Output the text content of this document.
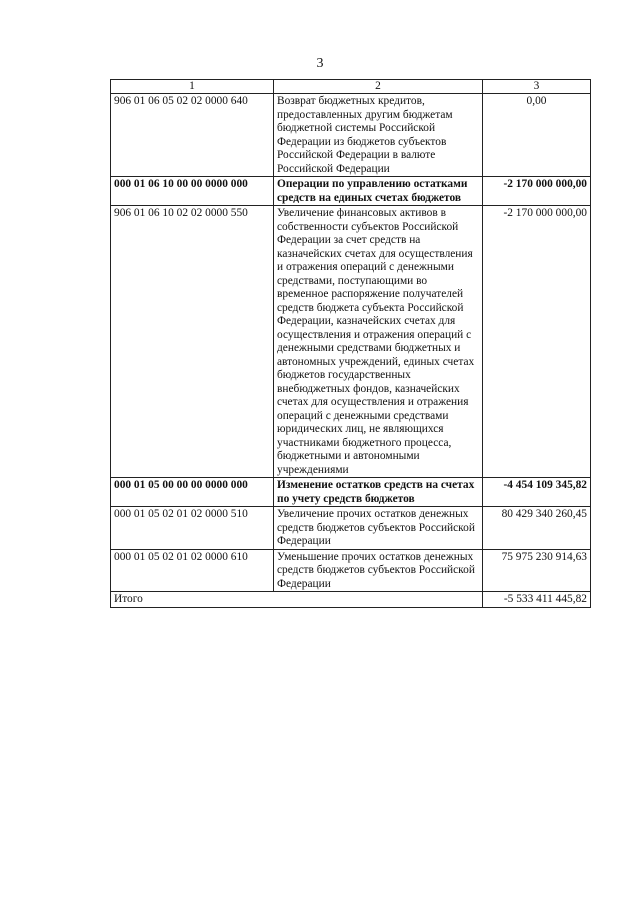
3
1	2	3
906 01 06 05 02 02 0000 640	Возврат бюджетных кредитов, предоставленных другим бюджетам бюджетной системы Российской Федерации из бюджетов субъектов Российской Федерации в валюте Российской Федерации	0,00
000 01 06 10 00 00 0000 000	Операции по управлению остатками средств на единых счетах бюджетов	-2 170 000 000,00
906 01 06 10 02 02 0000 550	Увеличение финансовых активов в собственности субъектов Российской Федерации за счет средств на казначейских счетах для осуществления и отражения операций с денежными средствами, поступающими во временное распоряжение получателей средств бюджета субъекта Российской Федерации, казначейских счетах для осуществления и отражения операций с денежными средствами бюджетных и автономных учреждений, единых счетах бюджетов государственных внебюджетных фондов, казначейских счетах для осуществления и отражения операций с денежными средствами юридических лиц, не являющихся участниками бюджетного процесса, бюджетными и автономными учреждениями	-2 170 000 000,00
000 01 05 00 00 00 0000 000	Изменение остатков средств на счетах по учету средств бюджетов	-4 454 109 345,82
000 01 05 02 01 02 0000 510	Увеличение прочих остатков денежных средств бюджетов субъектов Российской Федерации	80 429 340 260,45
000 01 05 02 01 02 0000 610	Уменьшение прочих остатков денежных средств бюджетов субъектов Российской Федерации	75 975 230 914,63
Итого		-5 533 411 445,82
